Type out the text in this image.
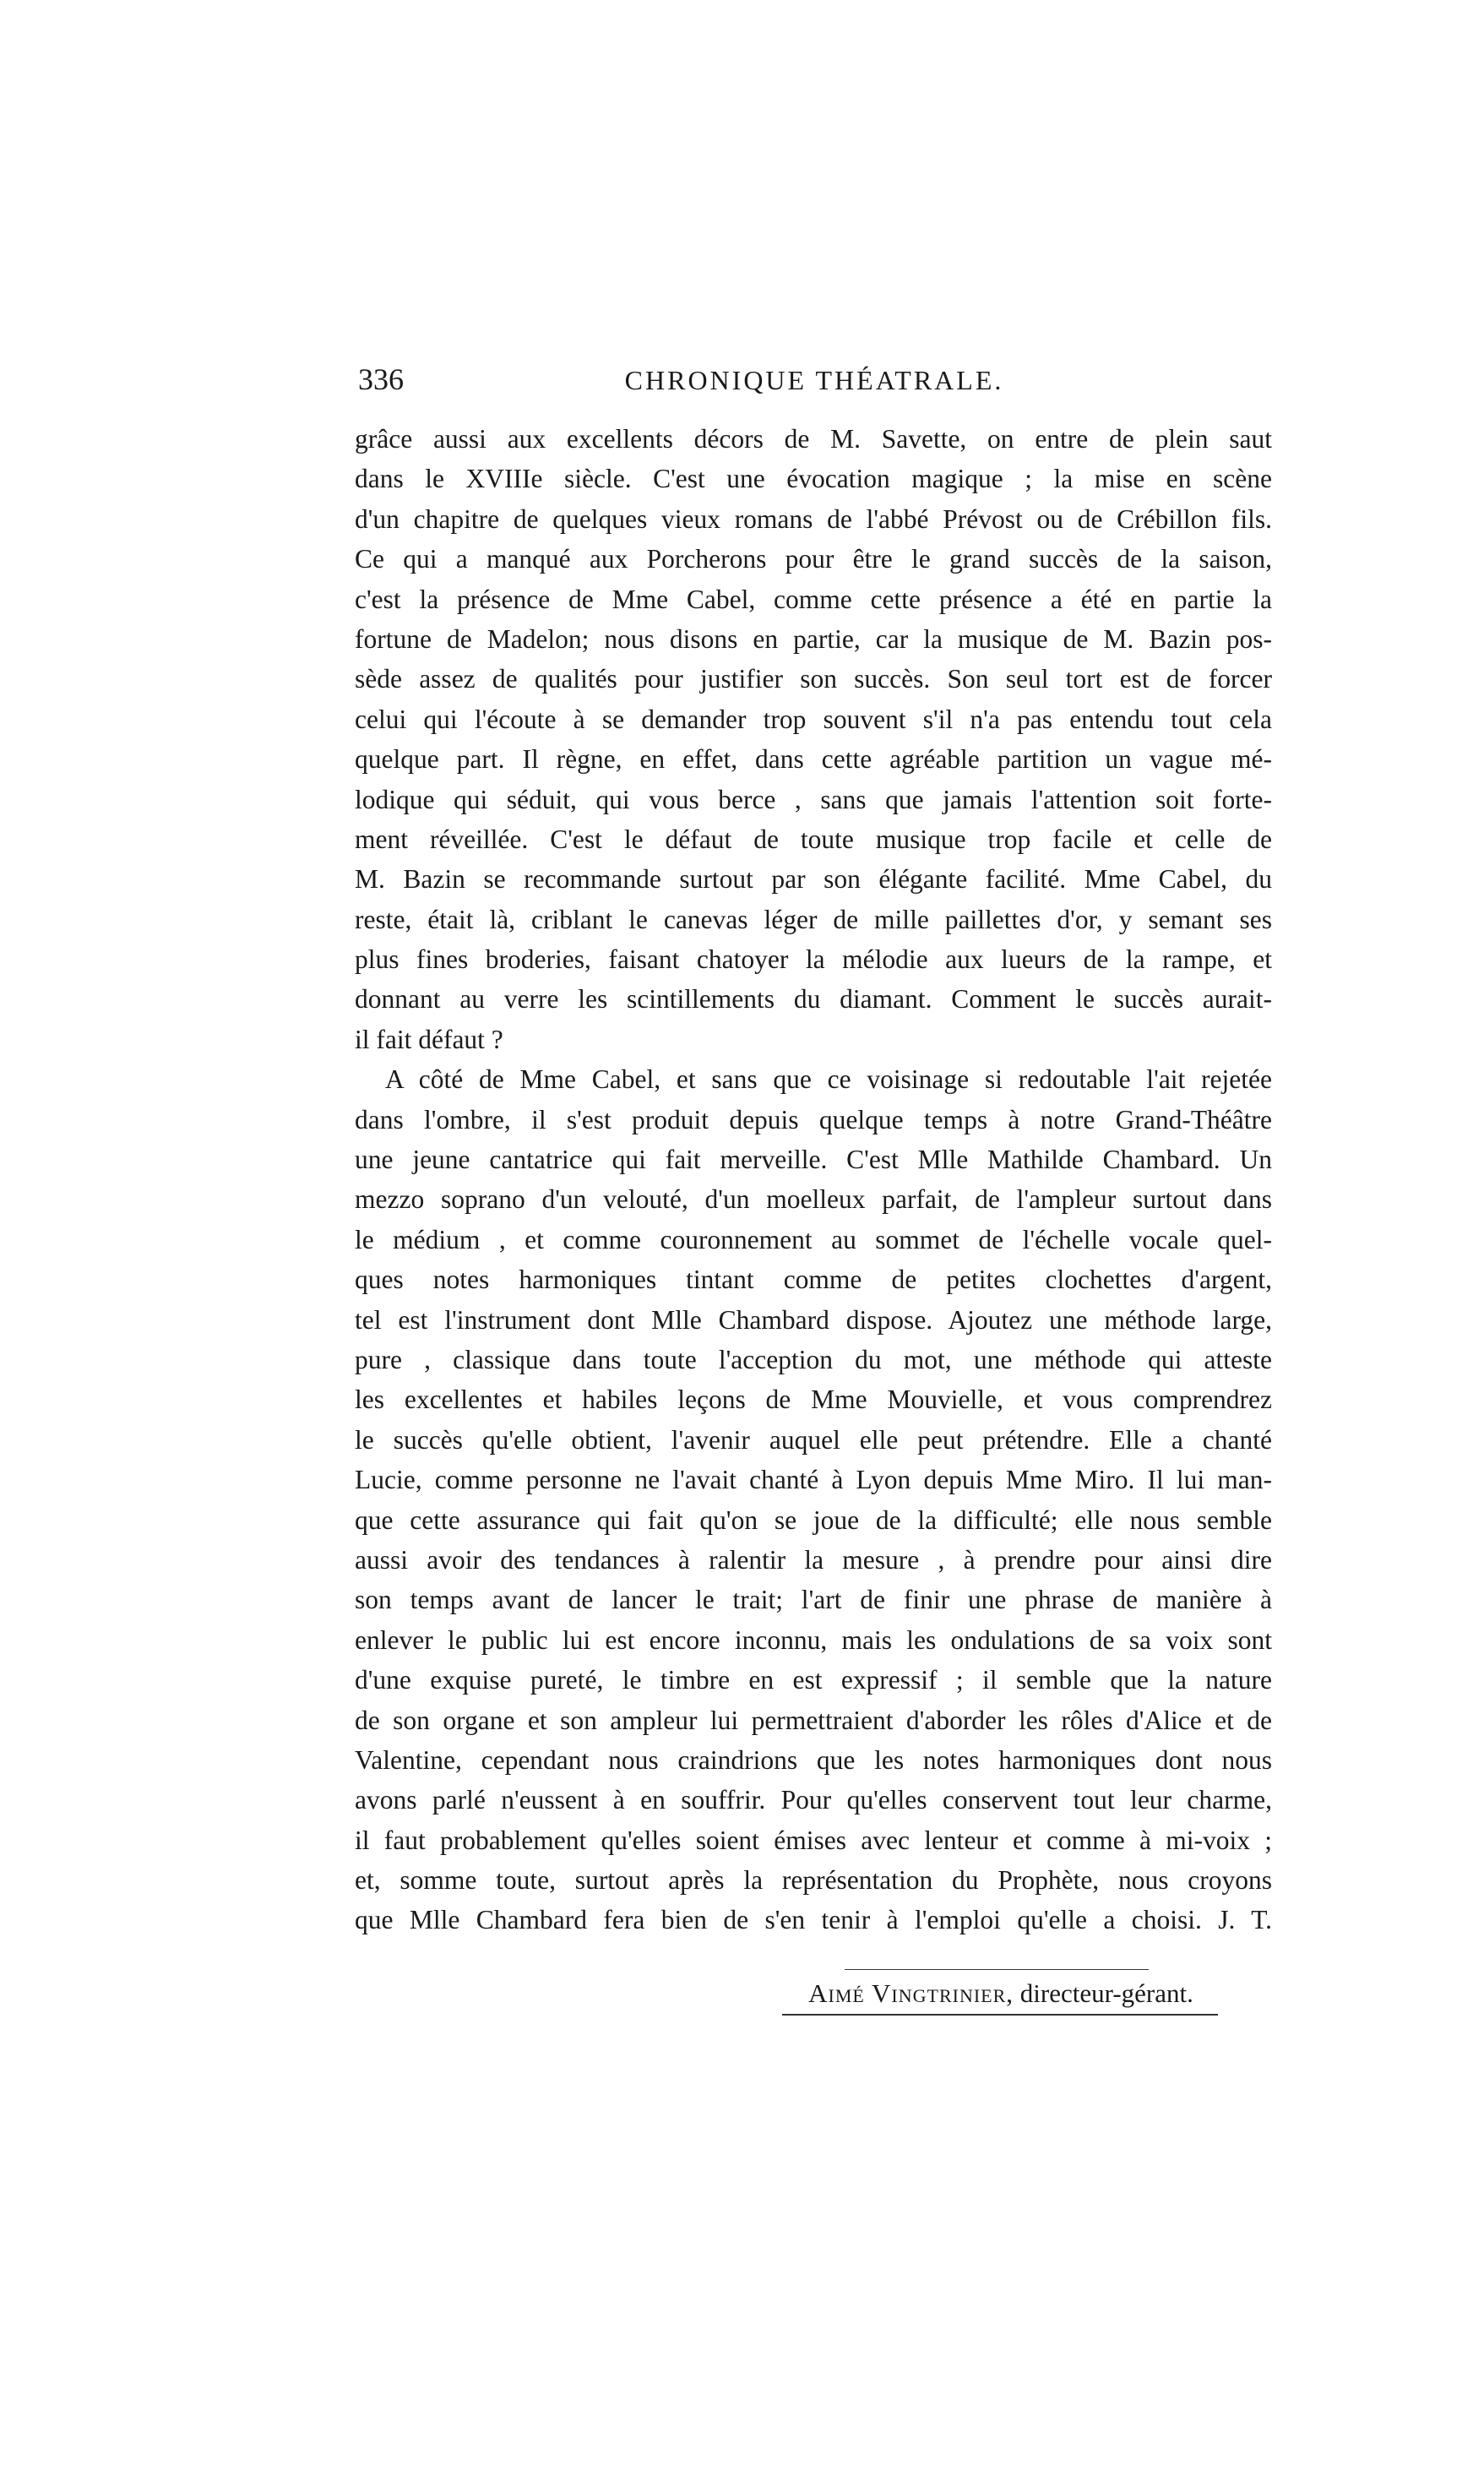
336	CHRONIQUE THÉATRALE.
grâce aussi aux excellents décors de M. Savette, on entre de plein saut
dans le XVIIIe siècle. C'est une évocation magique ; la mise en scène
d'un chapitre de quelques vieux romans de l'abbé Prévost ou de Crébillon fils.
Ce qui a manqué aux Porcherons pour être le grand succès de la saison,
c'est la présence de Mme Cabel, comme cette présence a été en partie la
fortune de Madelon; nous disons en partie, car la musique de M. Bazin pos-
sède assez de qualités pour justifier son succès. Son seul tort est de forcer
celui qui l'écoute à se demander trop souvent s'il n'a pas entendu tout cela
quelque part. Il règne, en effet, dans cette agréable partition un vague mé-
lodique qui séduit, qui vous berce , sans que jamais l'attention soit forte-
ment réveillée. C'est le défaut de toute musique trop facile et celle de
M. Bazin se recommande surtout par son élégante facilité. Mme Cabel, du
reste, était là, criblant le canevas léger de mille paillettes d'or, y semant ses
plus fines broderies, faisant chatoyer la mélodie aux lueurs de la rampe, et
donnant au verre les scintillements du diamant. Comment le succès aurait-
il fait défaut ?
A côté de Mme Cabel, et sans que ce voisinage si redoutable l'ait rejetée
dans l'ombre, il s'est produit depuis quelque temps à notre Grand-Théâtre
une jeune cantatrice qui fait merveille. C'est Mlle Mathilde Chambard. Un
mezzo soprano d'un velouté, d'un moelleux parfait, de l'ampleur surtout dans
le médium , et comme couronnement au sommet de l'échelle vocale quel-
ques notes harmoniques tintant comme de petites clochettes d'argent,
tel est l'instrument dont Mlle Chambard dispose. Ajoutez une méthode large,
pure , classique dans toute l'acception du mot, une méthode qui atteste
les excellentes et habiles leçons de Mme Mouvielle, et vous comprendrez
le succès qu'elle obtient, l'avenir auquel elle peut prétendre. Elle a chanté
Lucie, comme personne ne l'avait chanté à Lyon depuis Mme Miro. Il lui man-
que cette assurance qui fait qu'on se joue de la difficulté; elle nous semble
aussi avoir des tendances à ralentir la mesure , à prendre pour ainsi dire
son temps avant de lancer le trait; l'art de finir une phrase de manière à
enlever le public lui est encore inconnu, mais les ondulations de sa voix sont
d'une exquise pureté, le timbre en est expressif ; il semble que la nature
de son organe et son ampleur lui permettraient d'aborder les rôles d'Alice et de
Valentine, cependant nous craindrions que les notes harmoniques dont nous
avons parlé n'eussent à en souffrir. Pour qu'elles conservent tout leur charme,
il faut probablement qu'elles soient émises avec lenteur et comme à mi-voix ;
et, somme toute, surtout après la représentation du Prophète, nous croyons
que Mlle Chambard fera bien de s'en tenir à l'emploi qu'elle a choisi. J. T.
Aimé Vingtrinier, directeur-gérant.
